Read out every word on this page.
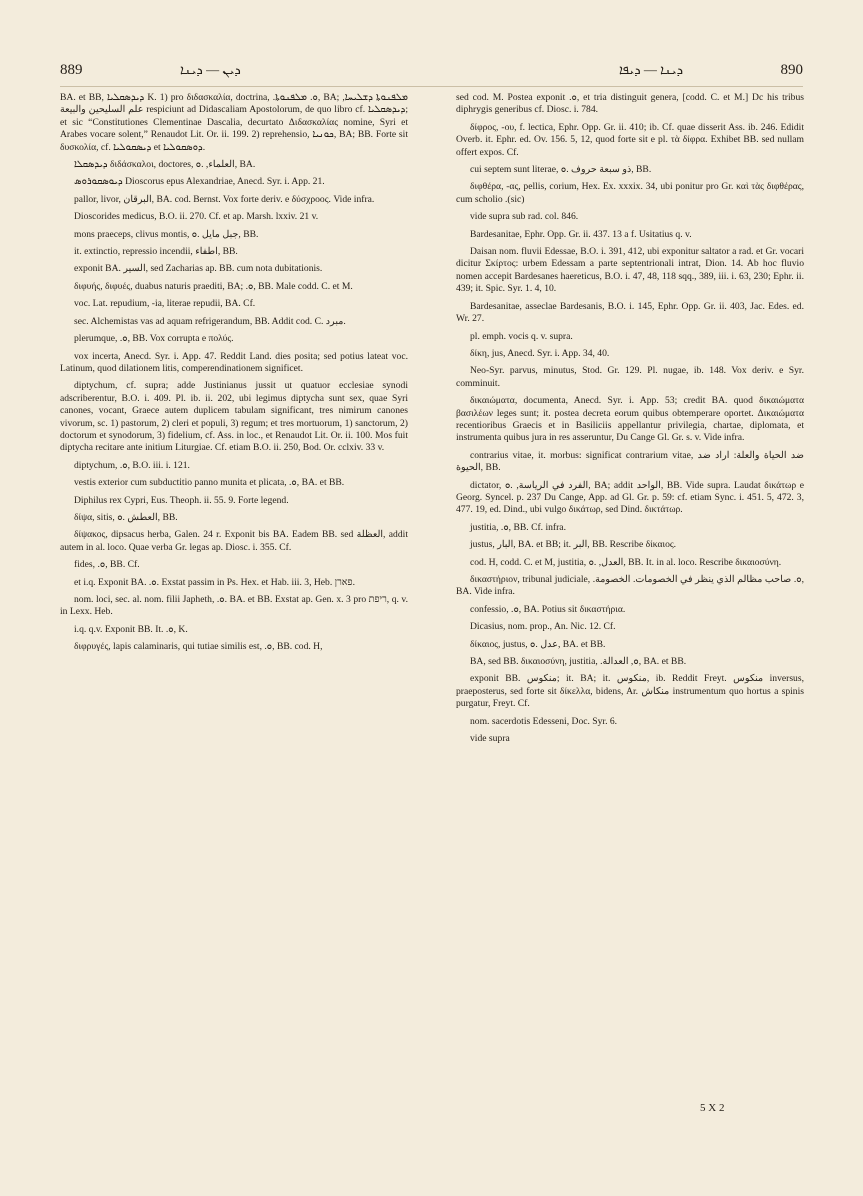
889	ܕܝܢ — ܕܝܢܐ	ܕܝܢܐ — ܕܝܦܐ	890

BA. et BB, ܕܝܕܣܩܠܝܐ K. 1) pro διδασκαλία, doctrina, .ܘ. ܡܠܦܢܘܬܐ, BA; ܡܠܦܢܘܬܐ ܕܫܠܝܚܐ, علم السليحين والبيعة respiciunt ad Didascaliam Apostolorum, de quo libro cf. ܕܝܕܣܩܠܝܐ; et sic “Constitutiones Clementinae Dascalia, decurtato Διδασκαλίας nomine, Syri et Arabes vocare solent,” Renaudot Lit. Or. ii. 199. 2) reprehensio, ܟܘܢܝܐ, BA; BB. Forte sit δυσκολία, cf. ܕܝܣܩܘܠܝܐ et ܕܘܣܩܘܠܝܐ.

ܕܝܕܣܩܠܐ διδάσκαλοι, doctores, العلماء, .ܘ, BA.

ܕܝܘܣܩܘܪܘܣ Dioscorus epus Alexandriae, Anecd. Syr. i. App. 21.

pallor, livor, البرقان, BA. cod. Bernst. Vox forte deriv. e δύσχροος. Vide infra.

Dioscorides medicus, B.O. ii. 270. Cf. et ap. Marsh. lxxiv. 21 v.

mons praeceps, clivus montis, جبل مايل .ܘ, BB.

it. extinctio, repressio incendii, اطفاء, BB.

exponit BA. السير, sed Zacharias ap. BB. cum nota dubitationis.

διφυής, διφυές, duabus naturis praediti, BA; .ܘ, BB. Male codd. C. et M.

voc. Lat. repudium, -ia, literae repudii, BA. Cf.

sec. Alchemistas vas ad aquam refrigerandum, BB. Addit cod. C. مبرد.

plerumque, .ܘ, BB. Vox corrupta e πολύς.

vox incerta, Anecd. Syr. i. App. 47. Reddit Land. dies posita; sed potius lateat voc. Latinum, quod dilationem litis, comperendinationem significet.

diptychum, cf. supra; adde Justinianus jussit ut quatuor ecclesiae synodi adscriberentur, B.O. i. 409. Pl. ib. ii. 202, ubi legimus diptycha sunt sex, quae Syri canones, vocant, Graece autem duplicem tabulam significant, tres nimirum canones vivorum, sc. 1) pastorum, 2) cleri et populi, 3) regum; et tres mortuorum, 1) sanctorum, 2) doctorum et synodorum, 3) fidelium, cf. Ass. in loc., et Renaudot Lit. Or. ii. 100. Mos fuit diptycha recitare ante initium Liturgiae. Cf. etiam B.O. ii. 250, Bod. Or. cclxiv. 33 v.

diptychum, .ܘ, B.O. iii. i. 121.

vestis exterior cum subductitio panno munita et plicata, .ܘ, BA. et BB.

Diphilus rex Cypri, Eus. Theoph. ii. 55. 9. Forte legend.

δίψα, sitis, العطش .ܘ, BB.

δίψακος, dipsacus herba, Galen. 24 r. Exponit bis BA. Eadem BB. sed العظلة, addit autem in al. loco. Quae verba Gr. legas ap. Diosc. i. 355. Cf.

fides, .ܘ, BB. Cf.

et i.q. Exponit BA. .ܘ. Exstat passim in Ps. Hex. et Hab. iii. 3, Heb. פארן.

nom. loci, sec. al. nom. filii Japheth, .ܘ. BA. et BB. Exstat ap. Gen. x. 3 pro ריפת, q. v. in Lexx. Heb.

i.q. q.v. Exponit BB. It. .ܘ, K.

διφρυγές, lapis calaminaris, qui tutiae similis est, .ܘ, BB. cod. H,

sed cod. M. Postea exponit .ܘ, et tria distinguit genera, [codd. C. et M.] Dc his tribus diphrygis generibus cf. Diosc. i. 784.

δίφρος, -ου, f. lectica, Ephr. Opp. Gr. ii. 410; ib. Cf. quae disserit Ass. ib. 246. Edidit Overb. it. Ephr. ed. Ov. 156. 5, 12, quod forte sit e pl. τὰ δίφρα. Exhibet BB. sed nullam offert expos. Cf.

cui septem sunt literae, ذو سبعة حروف .ܘ, BB.

διφθέρα, -ας, pellis, corium, Hex. Ex. xxxix. 34, ubi ponitur pro Gr. καὶ τὰς διφθέρας, cum scholio .(sic)

vide supra sub rad. col. 846.

Bardesanitae, Ephr. Opp. Gr. ii. 437. 13 a f. Usitatius q. v.

Daisan nom. fluvii Edessae, B.O. i. 391, 412, ubi exponitur saltator a rad. et Gr. vocari dicitur Σκίρτος: urbem Edessam a parte septentrionali intrat, Dion. 14. Ab hoc fluvio nomen accepit Bardesanes haereticus, B.O. i. 47, 48, 118 sqq., 389, iii. i. 63, 230; Ephr. ii. 439; it. Spic. Syr. 1. 4, 10.

Bardesanitae, asseclae Bardesanis, B.O. i. 145, Ephr. Opp. Gr. ii. 403, Jac. Edes. ed. Wr. 27.

pl. emph. vocis q. v. supra.

δίκη, jus, Anecd. Syr. i. App. 34, 40.

Neo-Syr. parvus, minutus, Stod. Gr. 129. Pl. nugae, ib. 148. Vox deriv. e Syr. comminuit.

δικαιώματα, documenta, Anecd. Syr. i. App. 53; credit BA. quod δικαιώματα βασιλέων leges sunt; it. postea decreta eorum quibus obtemperare oportet. Δικαιώματα recentioribus Graecis et in Basiliciis appellantur privilegia, chartae, diplomata, et instrumenta quibus jura in res asseruntur, Du Cange Gl. Gr. s. v. Vide infra.

contrarius vitae, it. morbus: significat contrarium vitae, ضد الحياة والعلة: اراد ضد الحيوة, BB.

dictator, الفرد في الرياسة, .ܘ, BA; addit الواحد, BB. Vide supra. Laudat δικάτωρ e Georg. Syncel. p. 237 Du Cange, App. ad Gl. Gr. p. 59: cf. etiam Sync. i. 451. 5, 472. 3, 477. 19, ed. Dind., ubi vulgo δικάτωρ, sed Dind. δικτάτωρ.

justitia, .ܘ, BB. Cf. infra.

justus, البار, BA. et BB; it. البر, BB. Rescribe δίκαιος.

cod. H, codd. C. et M, justitia, العدل, .ܘ, BB. It. in al. loco. Rescribe δικαιοσύνη.

δικαστήριον, tribunal judiciale, .ܘ. صاحب مظالم الذي ينظر في الخصومات. الخصومة, BA. Vide infra.

confessio, .ܘ, BA. Potius sit δικαστήρια.

Dicasius, nom. prop., An. Nic. 12. Cf.

δίκαιος, justus, عدل .ܘ, BA. et BB.

BA, sed BB. δικαιοσύνη, justitia, .ܘ, العدالة, BA. et BB.

exponit BB. منكوس; it. BA; it. منكوس, ib. Reddit Freyt. منكوس inversus, praeposterus, sed forte sit δίκελλα, bidens, Ar. منكاش instrumentum quo hortus a spinis purgatur, Freyt. Cf.

nom. sacerdotis Edesseni, Doc. Syr. 6.

vide supra

5 X 2
